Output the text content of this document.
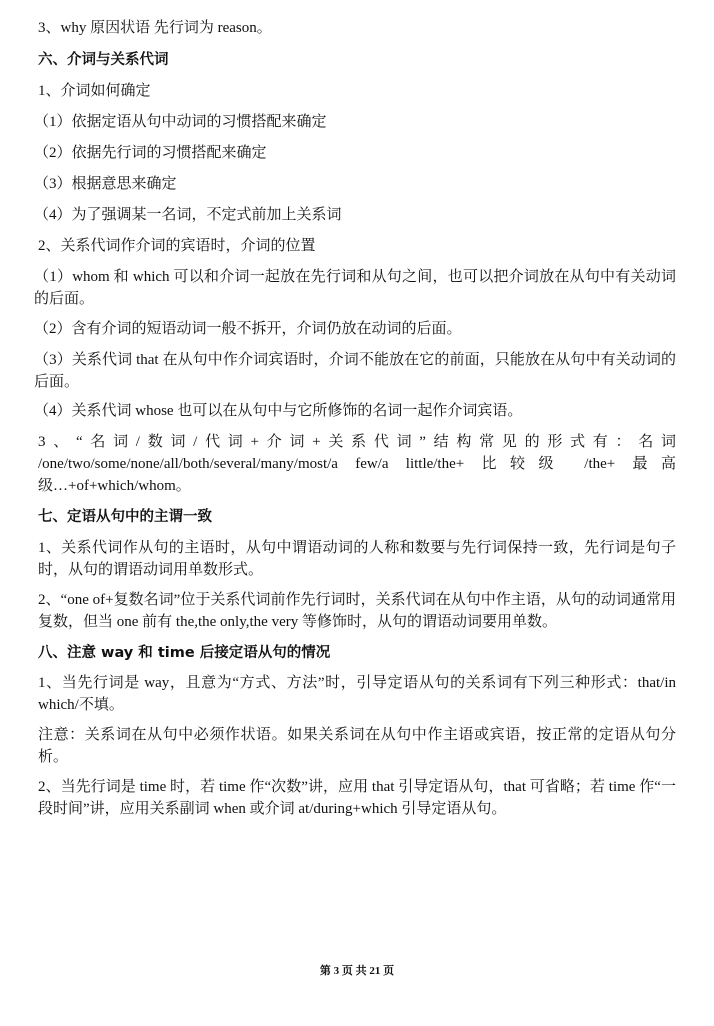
3、why 原因状语 先行词为 reason。

六、介词与关系代词

1、介词如何确定

（1）依据定语从句中动词的习惯搭配来确定

（2）依据先行词的习惯搭配来确定

（3）根据意思来确定

（4）为了强调某一名词，不定式前加上关系词

2、关系代词作介词的宾语时，介词的位置

（1）whom 和 which 可以和介词一起放在先行词和从句之间，也可以把介词放在从句中有关动词的后面。

（2）含有介词的短语动词一般不拆开，介词仍放在动词的后面。

（3）关系代词 that 在从句中作介词宾语时，介词不能放在它的前面，只能放在从句中有关动词的后面。

（4）关系代词 whose 也可以在从句中与它所修饰的名词一起作介词宾语。

3、“名词/数词/代词+介词+关系代词”结构常见的形式有：名词

/one/two/some/none/all/both/several/many/most/a few/a little/the+ 比较级 /the+ 最高

级…+of+which/whom。

七、定语从句中的主谓一致

1、关系代词作从句的主语时，从句中谓语动词的人称和数要与先行词保持一致，先行词是句子时，从句的谓语动词用单数形式。

2、“one of+复数名词”位于关系代词前作先行词时，关系代词在从句中作主语，从句的动词通常用复数，但当 one 前有 the,the only,the very 等修饰时，从句的谓语动词要用单数。

八、注意 way 和 time 后接定语从句的情况

1、当先行词是 way，且意为“方式、方法”时，引导定语从句的关系词有下列三种形式：that/in which/不填。

注意：关系词在从句中必须作状语。如果关系词在从句中作主语或宾语，按正常的定语从句分析。

2、当先行词是 time 时，若 time 作“次数”讲，应用 that 引导定语从句，that 可省略；若 time 作“一段时间”讲，应用关系副词 when 或介词 at/during+which 引导定语从句。

第 3 页 共 21 页
